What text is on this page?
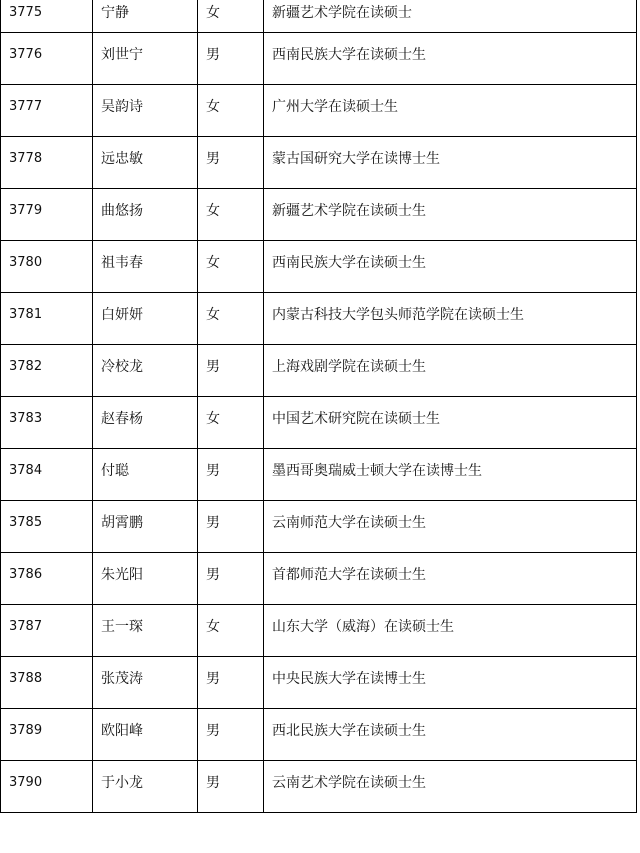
3775	宁静	女	新疆艺术学院在读硕士
3776	刘世宁	男	西南民族大学在读硕士生
3777	吴韵诗	女	广州大学在读硕士生
3778	远忠敏	男	蒙古国研究大学在读博士生
3779	曲悠扬	女	新疆艺术学院在读硕士生
3780	祖韦春	女	西南民族大学在读硕士生
3781	白妍妍	女	内蒙古科技大学包头师范学院在读硕士生
3782	冷校龙	男	上海戏剧学院在读硕士生
3783	赵春杨	女	中国艺术研究院在读硕士生
3784	付聪	男	墨西哥奥瑞威士顿大学在读博士生
3785	胡霄鹏	男	云南师范大学在读硕士生
3786	朱光阳	男	首都师范大学在读硕士生
3787	王一琛	女	山东大学（威海）在读硕士生
3788	张茂涛	男	中央民族大学在读博士生
3789	欧阳峰	男	西北民族大学在读硕士生
3790	于小龙	男	云南艺术学院在读硕士生
